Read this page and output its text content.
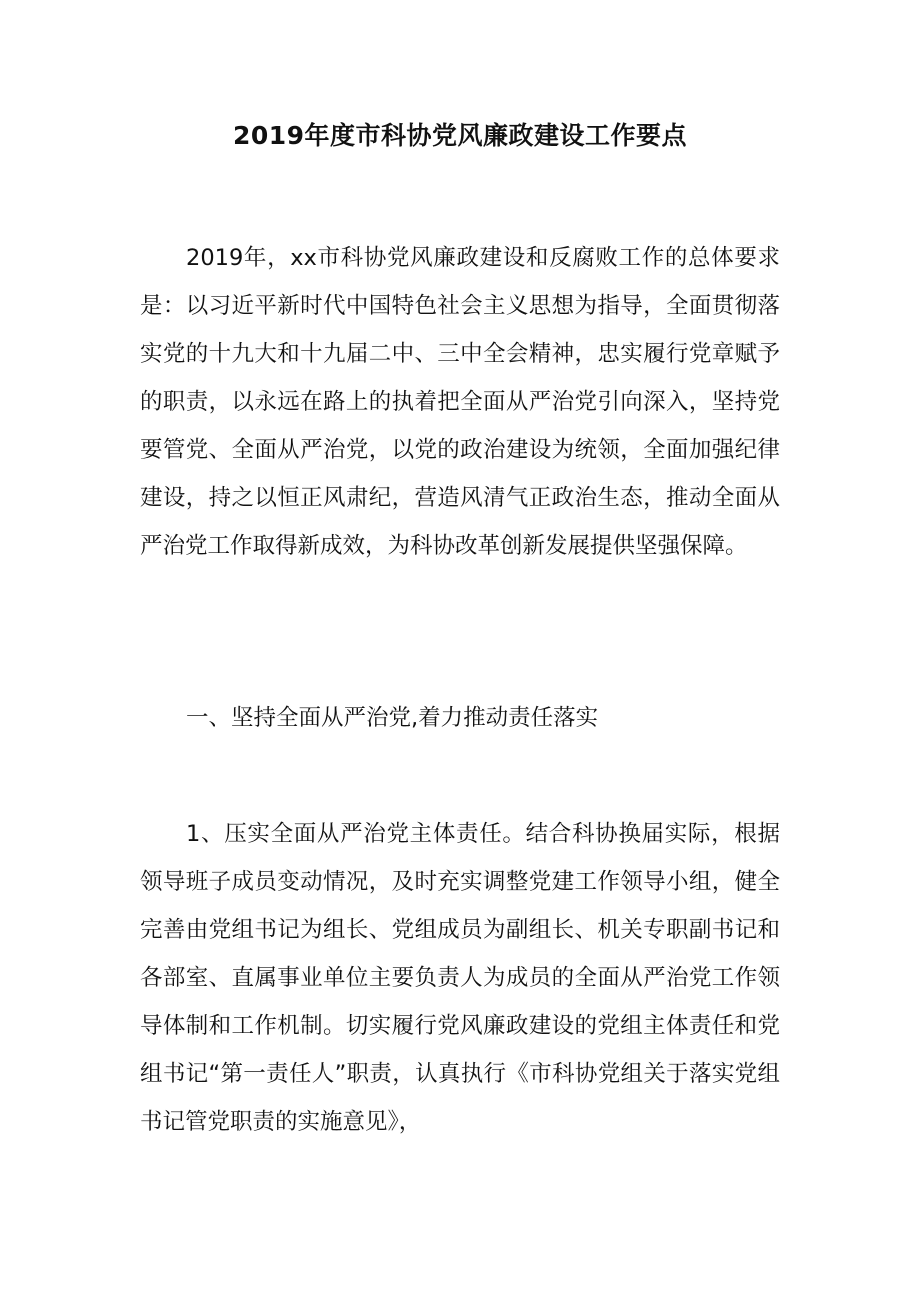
2019年度市科协党风廉政建设工作要点

2019年，xx市科协党风廉政建设和反腐败工作的总体要求是：以习近平新时代中国特色社会主义思想为指导，全面贯彻落实党的十九大和十九届二中、三中全会精神，忠实履行党章赋予的职责，以永远在路上的执着把全面从严治党引向深入，坚持党要管党、全面从严治党，以党的政治建设为统领，全面加强纪律建设，持之以恒正风肃纪，营造风清气正政治生态，推动全面从严治党工作取得新成效，为科协改革创新发展提供坚强保障。

一、坚持全面从严治党,着力推动责任落实

1、压实全面从严治党主体责任。结合科协换届实际，根据领导班子成员变动情况，及时充实调整党建工作领导小组，健全完善由党组书记为组长、党组成员为副组长、机关专职副书记和各部室、直属事业单位主要负责人为成员的全面从严治党工作领导体制和工作机制。切实履行党风廉政建设的党组主体责任和党组书记“第一责任人”职责，认真执行《市科协党组关于落实党组书记管党职责的实施意见》，
